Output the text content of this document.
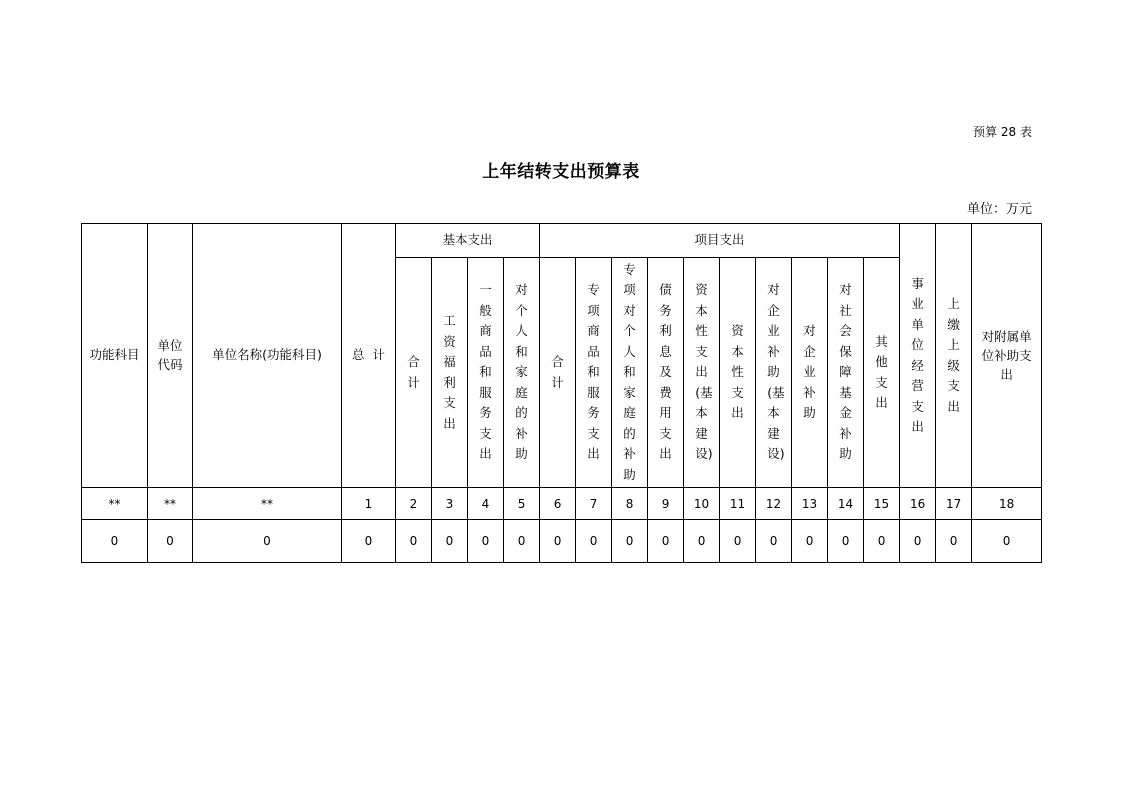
预算 28 表
上年结转支出预算表
单位：万元
功能科目	单位代码	单位名称(功能科目)	总  计	基本支出				项目支出										事业单位经营支出	上缴上级支出	对附属单位补助支出
				合计	工资福利支出	一般商品和服务支出	对个人和家庭的补助	合计	专项商品和服务支出	专项对个人和家庭的补助	债务利息及费用支出	资本性支出(基本建设)	资本性支出	对企业补助(基本建设)	对企业补助	对社会保障基金补助	其他支出			
**	**	**	1	2	3	4	5	6	7	8	9	10	11	12	13	14	15	16	17	18
0	0	0	0	0	0	0	0	0	0	0	0	0	0	0	0	0	0	0	0	0
